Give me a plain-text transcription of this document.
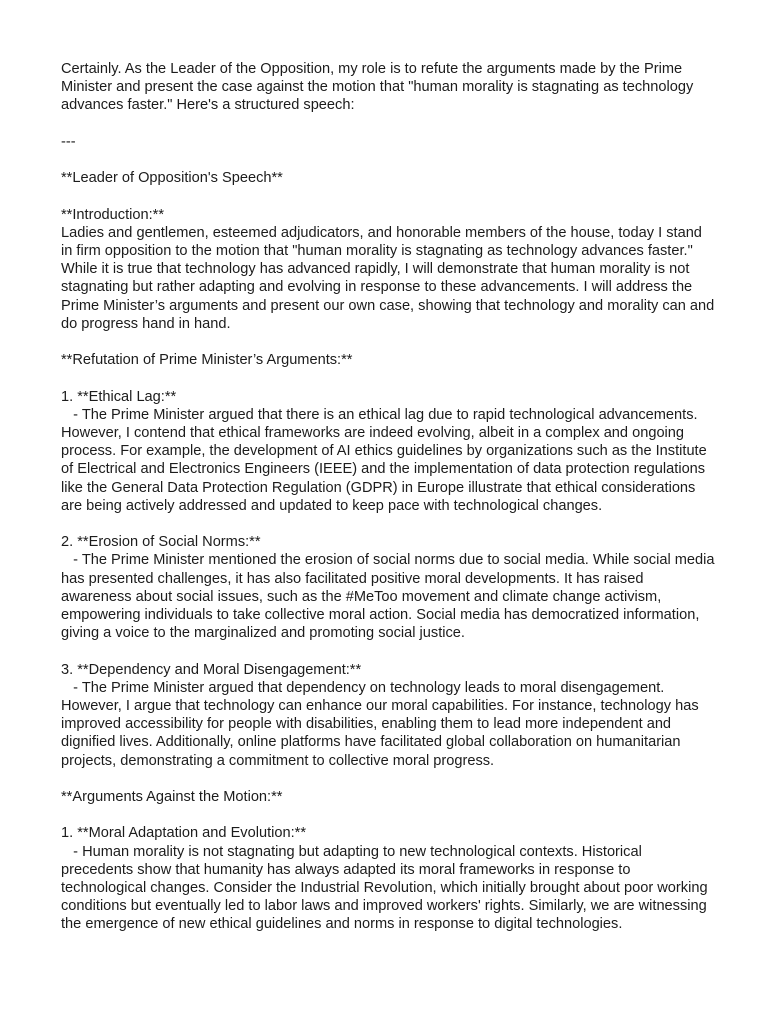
Certainly. As the Leader of the Opposition, my role is to refute the arguments made by the Prime Minister and present the case against the motion that "human morality is stagnating as technology advances faster." Here's a structured speech:

---

**Leader of Opposition's Speech**

**Introduction:**
Ladies and gentlemen, esteemed adjudicators, and honorable members of the house, today I stand in firm opposition to the motion that "human morality is stagnating as technology advances faster." While it is true that technology has advanced rapidly, I will demonstrate that human morality is not stagnating but rather adapting and evolving in response to these advancements. I will address the Prime Minister’s arguments and present our own case, showing that technology and morality can and do progress hand in hand.

**Refutation of Prime Minister’s Arguments:**

1. **Ethical Lag:**
- The Prime Minister argued that there is an ethical lag due to rapid technological advancements. However, I contend that ethical frameworks are indeed evolving, albeit in a complex and ongoing process. For example, the development of AI ethics guidelines by organizations such as the Institute of Electrical and Electronics Engineers (IEEE) and the implementation of data protection regulations like the General Data Protection Regulation (GDPR) in Europe illustrate that ethical considerations are being actively addressed and updated to keep pace with technological changes.

2. **Erosion of Social Norms:**
- The Prime Minister mentioned the erosion of social norms due to social media. While social media has presented challenges, it has also facilitated positive moral developments. It has raised awareness about social issues, such as the #MeToo movement and climate change activism, empowering individuals to take collective moral action. Social media has democratized information, giving a voice to the marginalized and promoting social justice.

3. **Dependency and Moral Disengagement:**
- The Prime Minister argued that dependency on technology leads to moral disengagement. However, I argue that technology can enhance our moral capabilities. For instance, technology has improved accessibility for people with disabilities, enabling them to lead more independent and dignified lives. Additionally, online platforms have facilitated global collaboration on humanitarian projects, demonstrating a commitment to collective moral progress.

**Arguments Against the Motion:**

1. **Moral Adaptation and Evolution:**
- Human morality is not stagnating but adapting to new technological contexts. Historical precedents show that humanity has always adapted its moral frameworks in response to technological changes. Consider the Industrial Revolution, which initially brought about poor working conditions but eventually led to labor laws and improved workers' rights. Similarly, we are witnessing the emergence of new ethical guidelines and norms in response to digital technologies.
